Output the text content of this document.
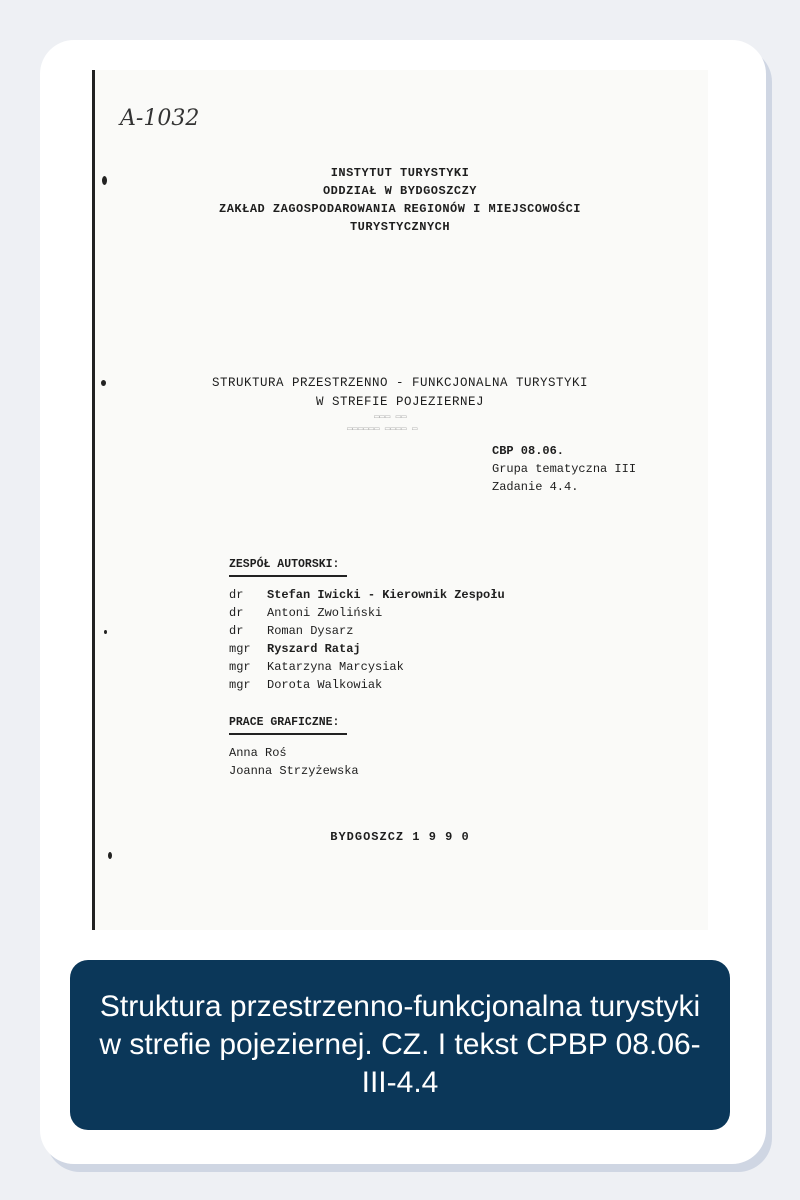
A-1032
INSTYTUT TURYSTYKI
ODDZIAŁ W BYDGOSZCZY
ZAKŁAD ZAGOSPODAROWANIA REGIONÓW I MIEJSCOWOŚCI
TURYSTYCZNYCH
STRUKTURA PRZESTRZENNO - FUNKCJONALNA TURYSTYKI
W STREFIE POJEZIERNEJ
▭▭▭ ▭▭
▭▭▭▭▭▭ ▭▭▭▭ ▭
CBP 08.06.
Grupa tematyczna III
Zadanie 4.4.
ZESPÓŁ AUTORSKI:
dr Stefan Iwicki - Kierownik Zespołu
dr Antoni Zwoliński
dr Roman Dysarz
mgr Ryszard Rataj
mgr Katarzyna Marcysiak
mgr Dorota Walkowiak
PRACE GRAFICZNE:
Anna Roś
Joanna Strzyżewska
BYDGOSZCZ 1 9 9 0
Struktura przestrzenno-funkcjonalna turystyki w strefie pojeziernej. CZ. I tekst CPBP 08.06-III-4.4
